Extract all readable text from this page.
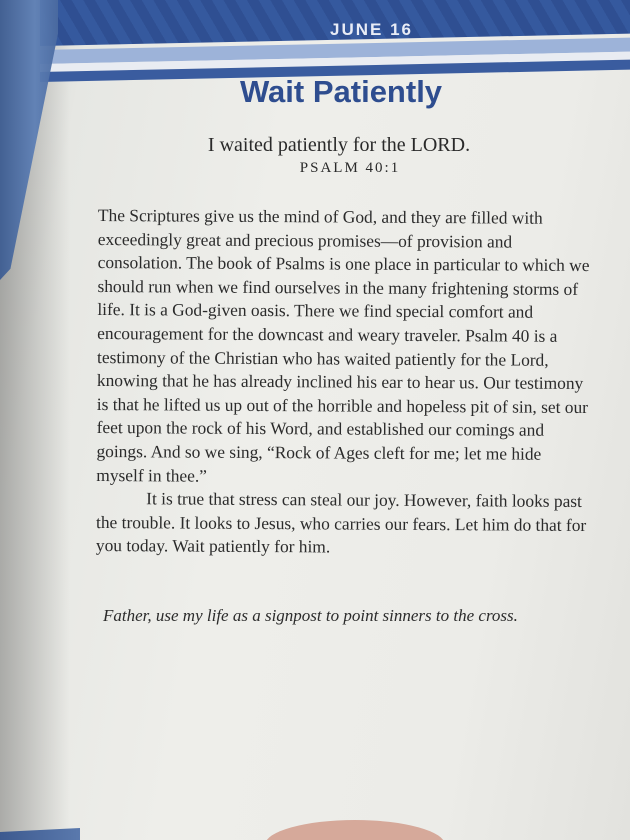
JUNE 16
Wait Patiently
I waited patiently for the LORD.
PSALM 40:1

The Scriptures give us the mind of God, and they are filled with exceedingly great and precious promises—of provision and consolation. The book of Psalms is one place in particular to which we should run when we find ourselves in the many frightening storms of life. It is a God-given oasis. There we find special comfort and encouragement for the downcast and weary traveler. Psalm 40 is a testimony of the Christian who has waited patiently for the Lord, knowing that he has already inclined his ear to hear us. Our testimony is that he lifted us up out of the horrible and hopeless pit of sin, set our feet upon the rock of his Word, and established our comings and goings. And so we sing, “Rock of Ages cleft for me; let me hide myself in thee.”

It is true that stress can steal our joy. However, faith looks past the trouble. It looks to Jesus, who carries our fears. Let him do that for you today. Wait patiently for him.

Father, use my life as a signpost to point sinners to the cross.
